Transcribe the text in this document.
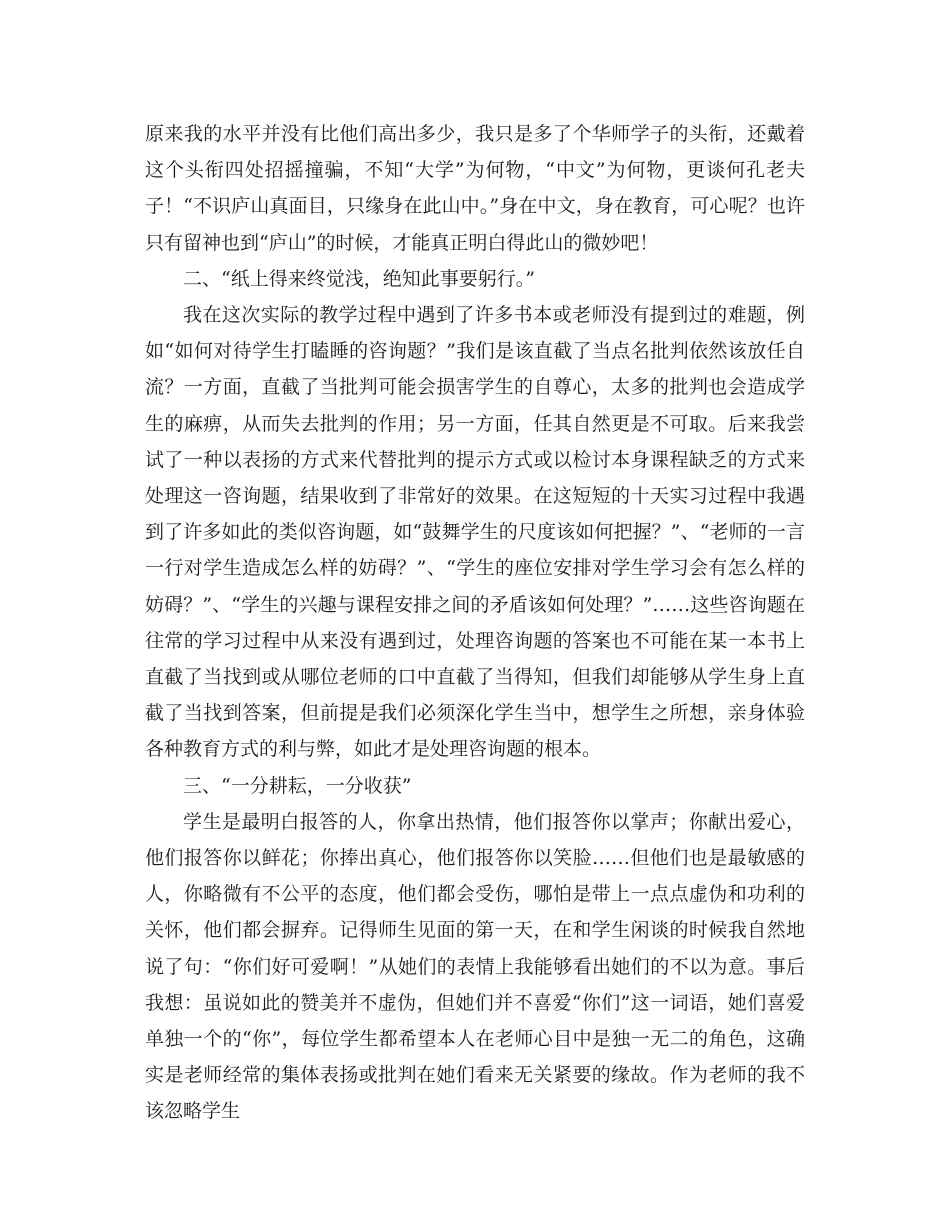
原来我的水平并没有比他们高出多少，我只是多了个华师学子的头衔，还戴着这个头衔四处招摇撞骗，不知“大学”为何物，“中文”为何物，更谈何孔老夫子！“不识庐山真面目，只缘身在此山中。”身在中文，身在教育，可心呢？也许只有留神也到“庐山”的时候，才能真正明白得此山的微妙吧！

二、“纸上得来终觉浅，绝知此事要躬行。”

我在这次实际的教学过程中遇到了许多书本或老师没有提到过的难题，例如“如何对待学生打瞌睡的咨询题？”我们是该直截了当点名批判依然该放任自流？一方面，直截了当批判可能会损害学生的自尊心，太多的批判也会造成学生的麻痹，从而失去批判的作用；另一方面，任其自然更是不可取。后来我尝试了一种以表扬的方式来代替批判的提示方式或以检讨本身课程缺乏的方式来处理这一咨询题，结果收到了非常好的效果。在这短短的十天实习过程中我遇到了许多如此的类似咨询题，如“鼓舞学生的尺度该如何把握？”、“老师的一言一行对学生造成怎么样的妨碍？”、“学生的座位安排对学生学习会有怎么样的妨碍？”、“学生的兴趣与课程安排之间的矛盾该如何处理？”……这些咨询题在往常的学习过程中从来没有遇到过，处理咨询题的答案也不可能在某一本书上直截了当找到或从哪位老师的口中直截了当得知，但我们却能够从学生身上直截了当找到答案，但前提是我们必须深化学生当中，想学生之所想，亲身体验各种教育方式的利与弊，如此才是处理咨询题的根本。

三、“一分耕耘，一分收获”

学生是最明白报答的人，你拿出热情，他们报答你以掌声；你献出爱心，他们报答你以鲜花；你捧出真心，他们报答你以笑脸……但他们也是最敏感的人，你略微有不公平的态度，他们都会受伤，哪怕是带上一点点虚伪和功利的关怀，他们都会摒弃。记得师生见面的第一天，在和学生闲谈的时候我自然地说了句：“你们好可爱啊！”从她们的表情上我能够看出她们的不以为意。事后我想：虽说如此的赞美并不虚伪，但她们并不喜爱“你们”这一词语，她们喜爱单独一个的“你”，每位学生都希望本人在老师心目中是独一无二的角色，这确实是老师经常的集体表扬或批判在她们看来无关紧要的缘故。作为老师的我不该忽略学生
